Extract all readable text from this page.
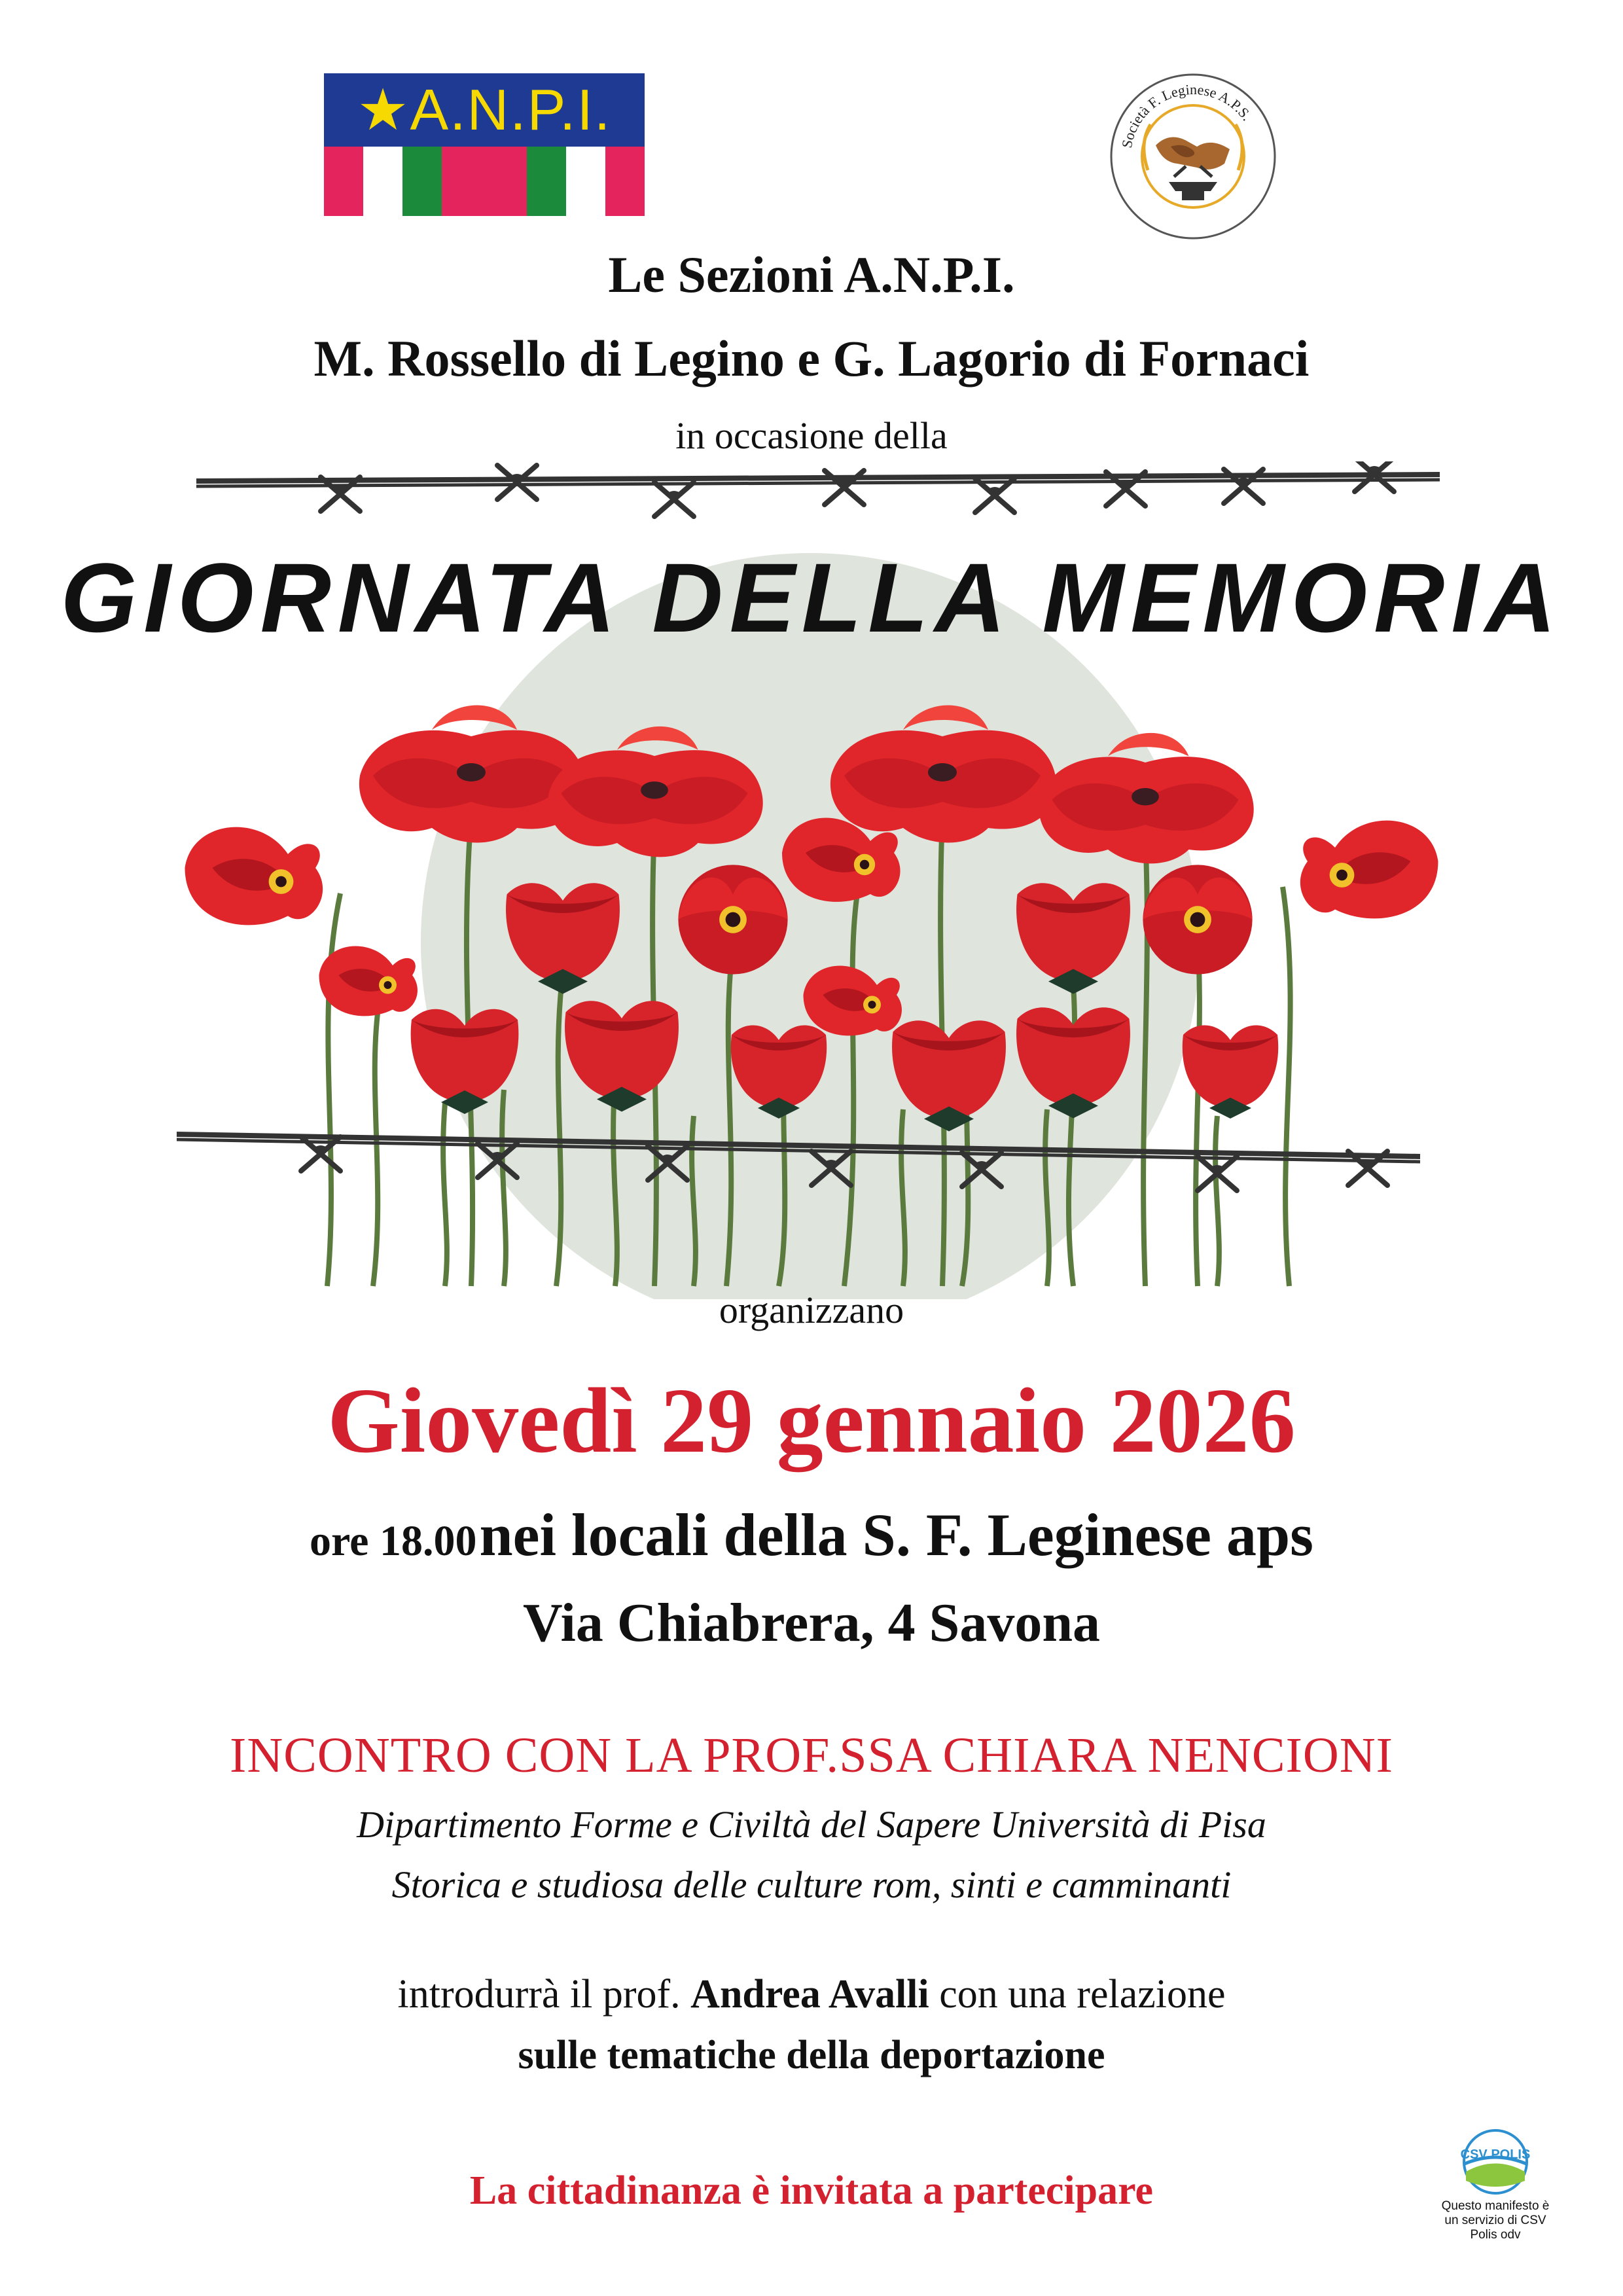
★A.N.P.I.
Società F. Leginese A.P.S.
Le Sezioni A.N.P.I.
M. Rossello di Legino e G. Lagorio di Fornaci
in occasione della
GIORNATA DELLA MEMORIA
organizzano
Giovedì 29 gennaio 2026
ore 18.00 nei locali della S. F. Leginese aps
Via Chiabrera, 4 Savona
INCONTRO CON LA PROF.SSA CHIARA NENCIONI
Dipartimento Forme e Civiltà del Sapere Università di Pisa
Storica e studiosa delle culture rom, sinti e camminanti
introdurrà il prof. Andrea Avalli con una relazione
sulle tematiche della deportazione
La cittadinanza è invitata a partecipare
CSV POLIS
Questo manifesto è un servizio di CSV Polis odv
